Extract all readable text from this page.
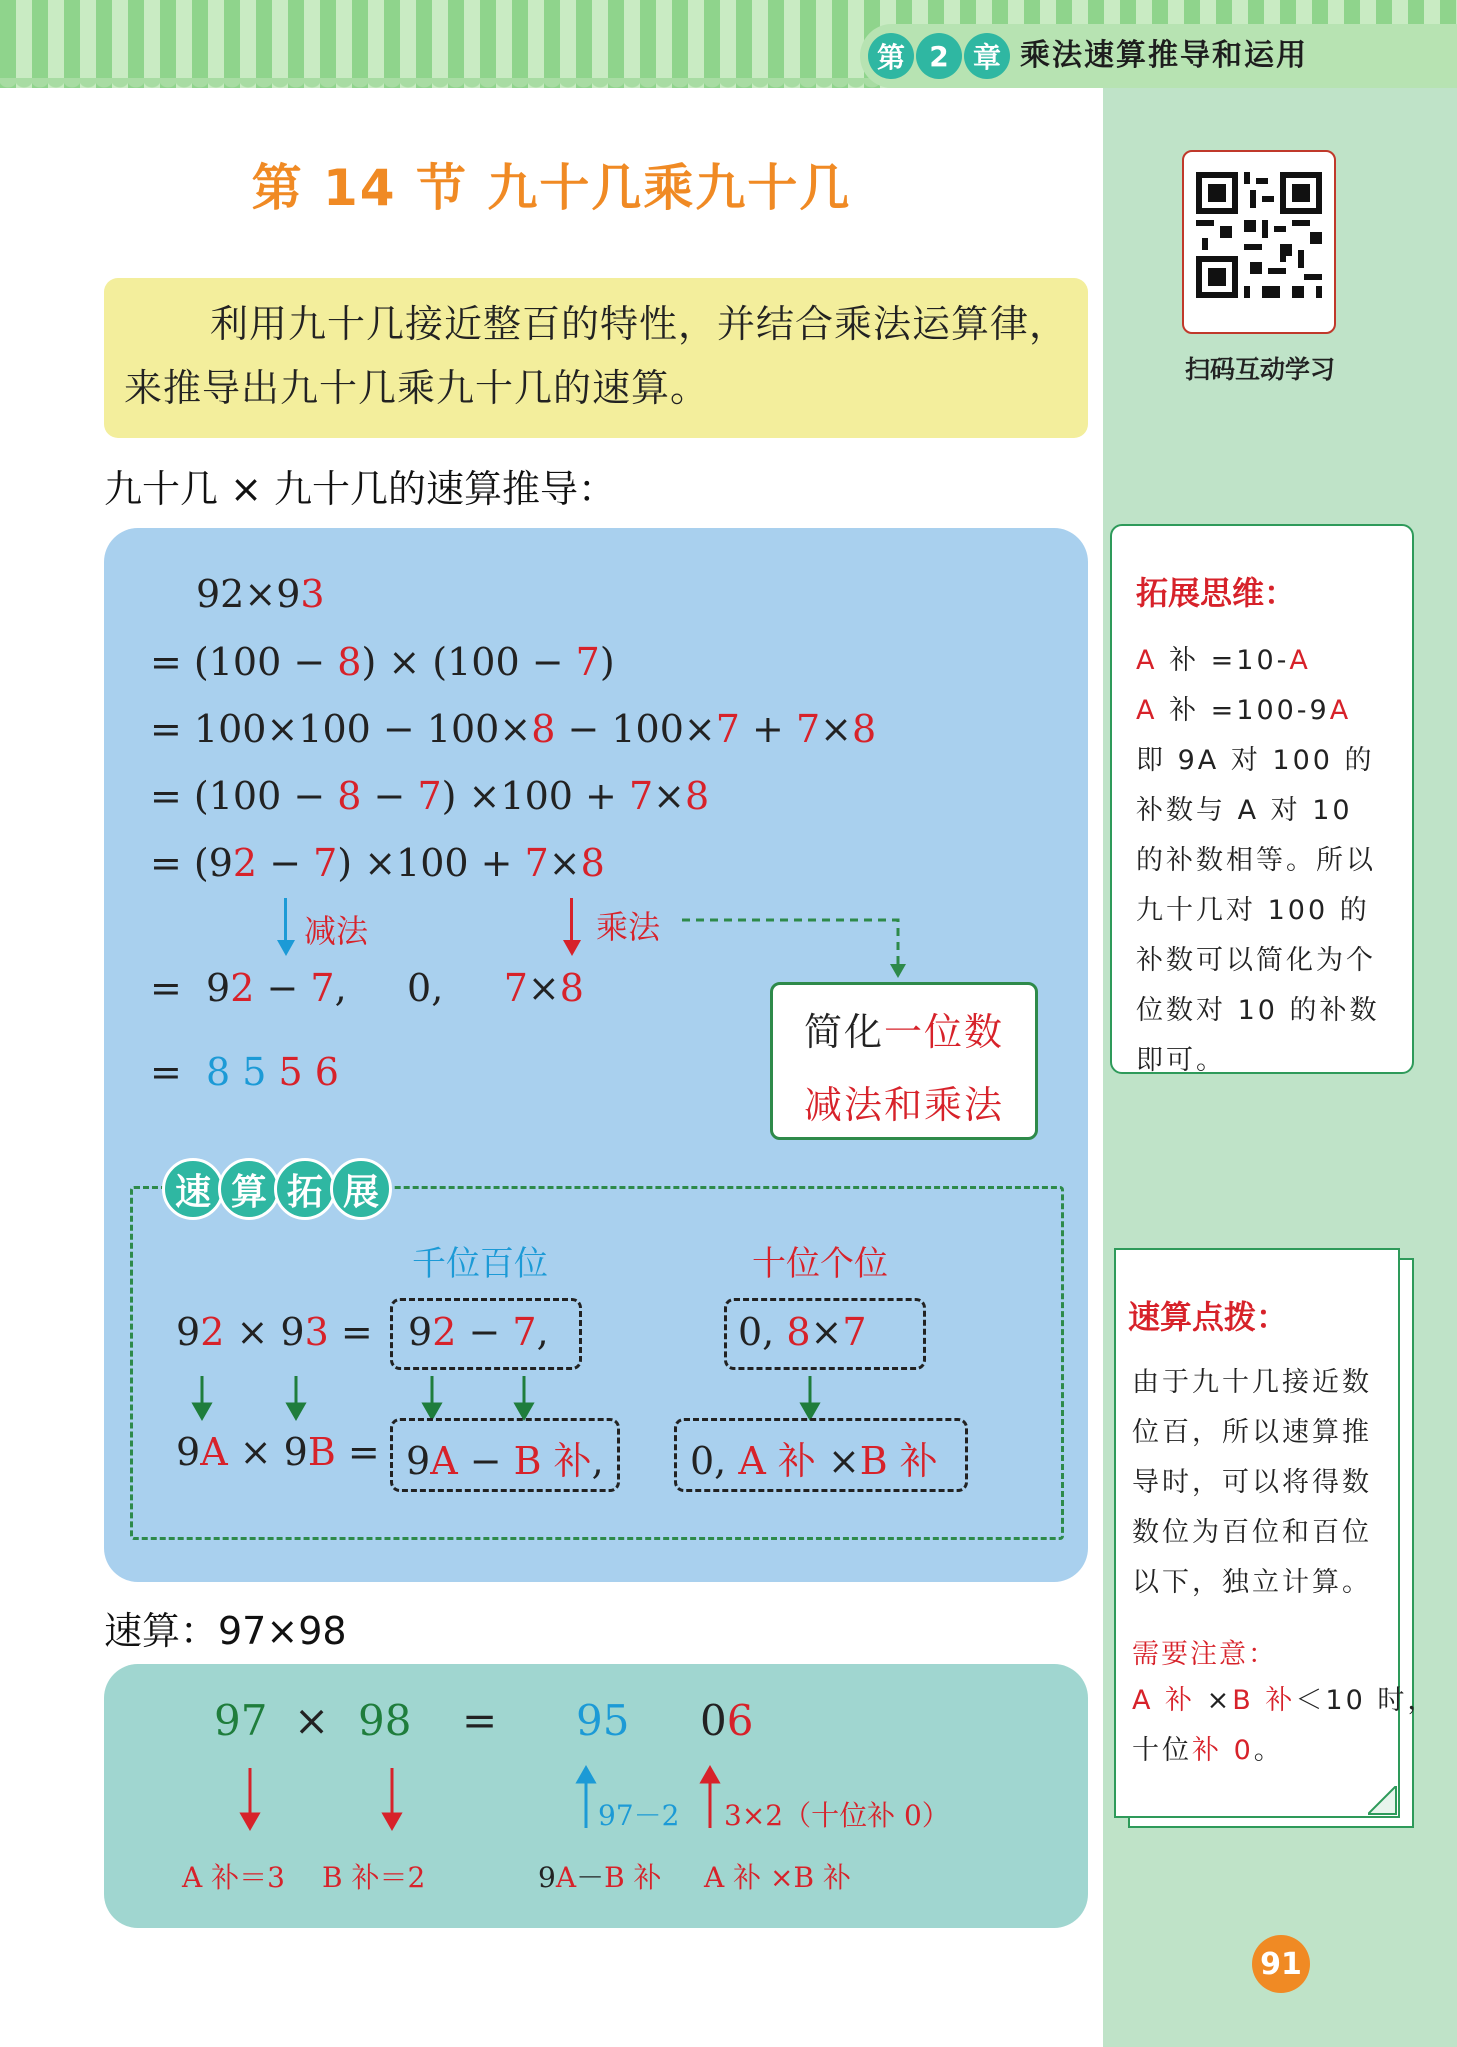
第 2 章 乘法速算推导和运用
第 14 节 九十几乘九十几
利用九十几接近整百的特性，并结合乘法运算律，来推导出九十几乘九十几的速算。
九十几 × 九十几的速算推导：
92×93
= (100 − 8) × (100 − 7)
= 100×100 − 100×8 − 100×7 + 7×8
= (100 − 8 − 7) ×100 + 7×8
= (92 − 7) ×100 + 7×8
减法	乘法
=  92 − 7,     0,     7×8
=  8 5 5 6
简化一位数
减法和乘法
速 算 拓 展
千位百位	十位个位
92 × 93 = 92 − 7,	0, 8×7
9A × 9B = 9A − B 补, 0, A 补 ×B 补
速算：97×98
97 × 98 = 95 06
97－2 3×2（十位补 0）
A 补＝3 B 补＝2	9A－B 补 A 补 ×B 补
扫码互动学习
拓展思维：
A 补 =10-A
A 补 =100-9A
即 9A 对 100 的补数与 A 对 10 的补数相等。所以九十几对 100 的补数可以简化为个位数对 10 的补数即可。
速算点拨：
由于九十几接近数位百，所以速算推导时，可以将得数数位为百位和百位以下，独立计算。
需要注意：
A 补 ×B 补＜10 时，
十位补 0。
91
